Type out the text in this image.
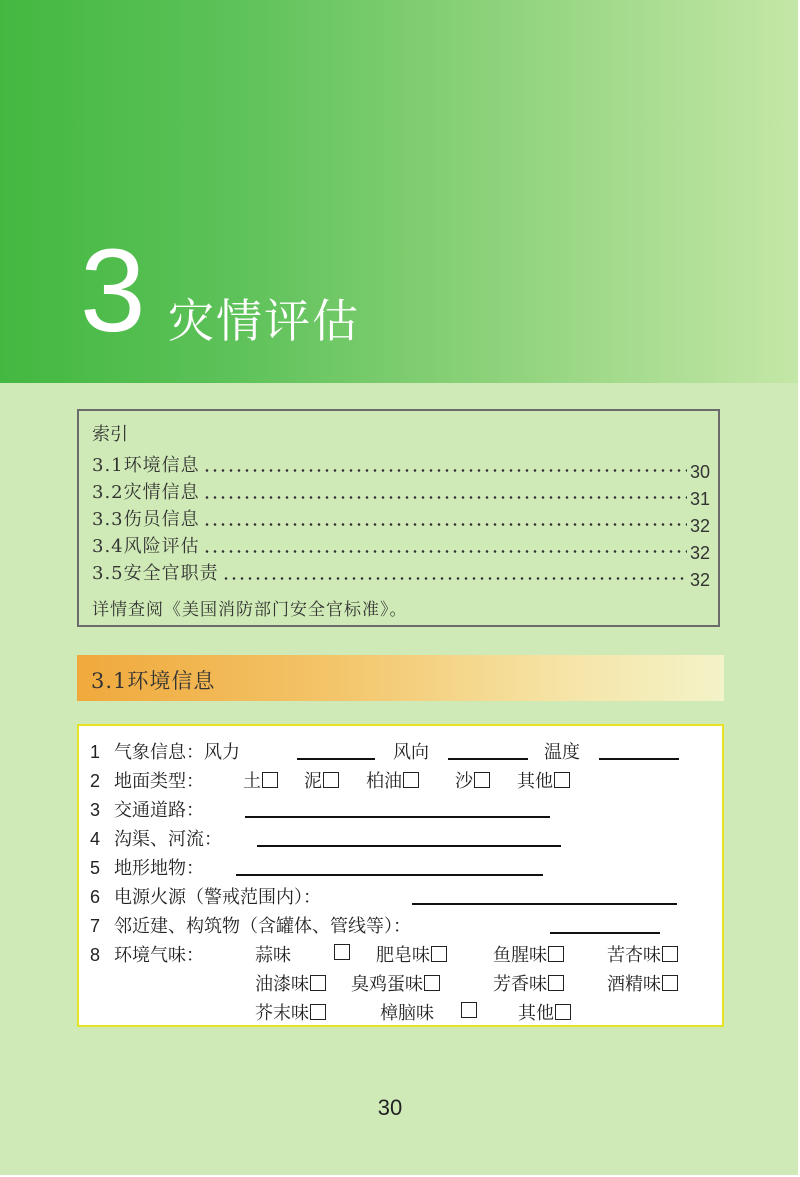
3 灾情评估
索引
3.1环境信息	30
3.2灾情信息	31
3.3伤员信息	32
3.4风险评估	32
3.5安全官职责	32
详情查阅《美国消防部门安全官标准》。
3.1环境信息
1 气象信息：风力	风向	温度
2 地面类型： 土	泥	柏油	沙	其他
3 交通道路：
4 沟渠、河流：
5 地形地物：
6 电源火源（警戒范围内）：
7 邻近建、构筑物（含罐体、管线等）：
8 环境气味：	蒜味	肥皂味	鱼腥味	苦杏味
油漆味	臭鸡蛋味	芳香味	酒精味
芥末味	樟脑味	其他
30
